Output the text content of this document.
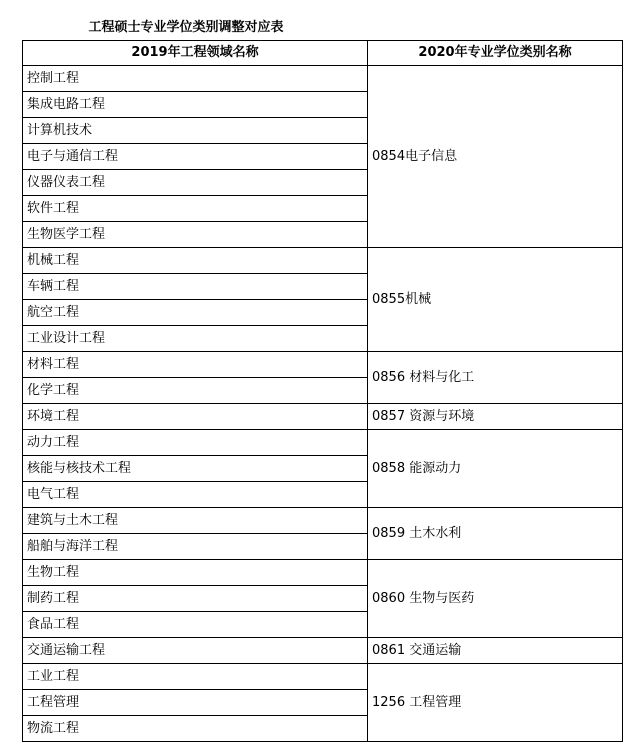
工程硕士专业学位类别调整对应表	
2019年工程领域名称	2020年专业学位类别名称
控制工程	0854电子信息
集成电路工程	
计算机技术	
电子与通信工程	
仪器仪表工程	
软件工程	
生物医学工程	
机械工程	0855机械
车辆工程	
航空工程	
工业设计工程	
材料工程	0856 材料与化工
化学工程	
环境工程	0857 资源与环境
动力工程	0858 能源动力
核能与核技术工程	
电气工程	
建筑与土木工程	0859 土木水利
船舶与海洋工程	
生物工程	0860 生物与医药
制药工程	
食品工程	
交通运输工程	0861 交通运输
工业工程	1256 工程管理
工程管理	
物流工程	
